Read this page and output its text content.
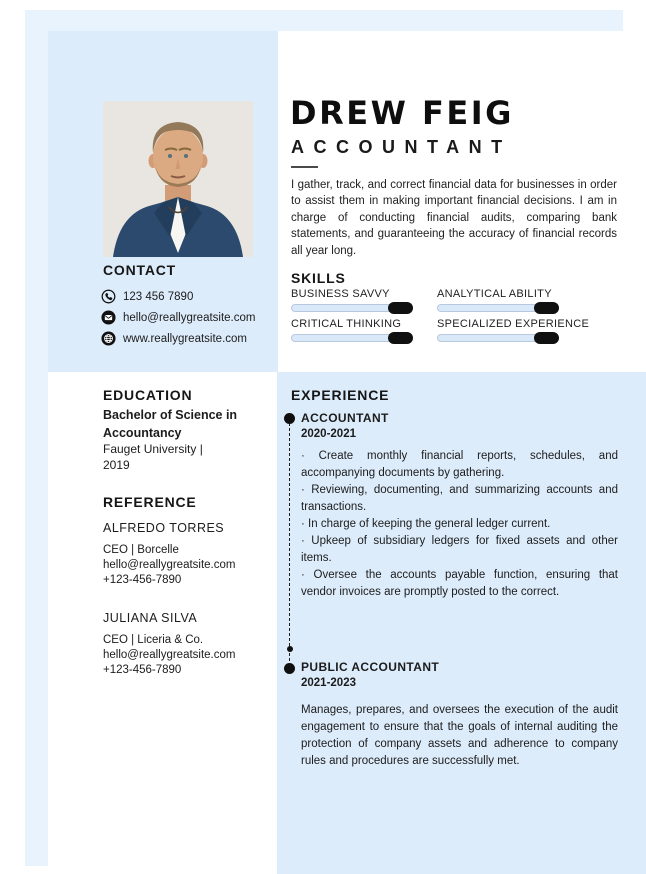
DREW FEIG
ACCOUNTANT

I gather, track, and correct financial data for businesses in order to assist them in making important financial decisions. I am in charge of conducting financial audits, comparing bank statements, and guaranteeing the accuracy of financial records all year long.

CONTACT
123 456 7890
hello@reallygreatsite.com
www.reallygreatsite.com
SKILLS
BUSINESS SAVVY	ANALYTICAL ABILITY
CRITICAL THINKING	SPECIALIZED EXPERIENCE
EDUCATION
Bachelor of Science in Accountancy
Fauget University |
2019
REFERENCE
ALFREDO TORRES
CEO | Borcelle
hello@reallygreatsite.com
+123-456-7890
JULIANA SILVA
CEO | Liceria & Co.
hello@reallygreatsite.com
+123-456-7890
EXPERIENCE
ACCOUNTANT
2020-2021

· Create monthly financial reports, schedules, and accompanying documents by gathering.

· Reviewing, documenting, and summarizing accounts and transactions.

· In charge of keeping the general ledger current.

· Upkeep of subsidiary ledgers for fixed assets and other items.

· Oversee the accounts payable function, ensuring that vendor invoices are promptly posted to the correct.

PUBLIC ACCOUNTANT
2021-2023

Manages, prepares, and oversees the execution of the audit engagement to ensure that the goals of internal auditing the protection of company assets and adherence to company rules and procedures are successfully met.
